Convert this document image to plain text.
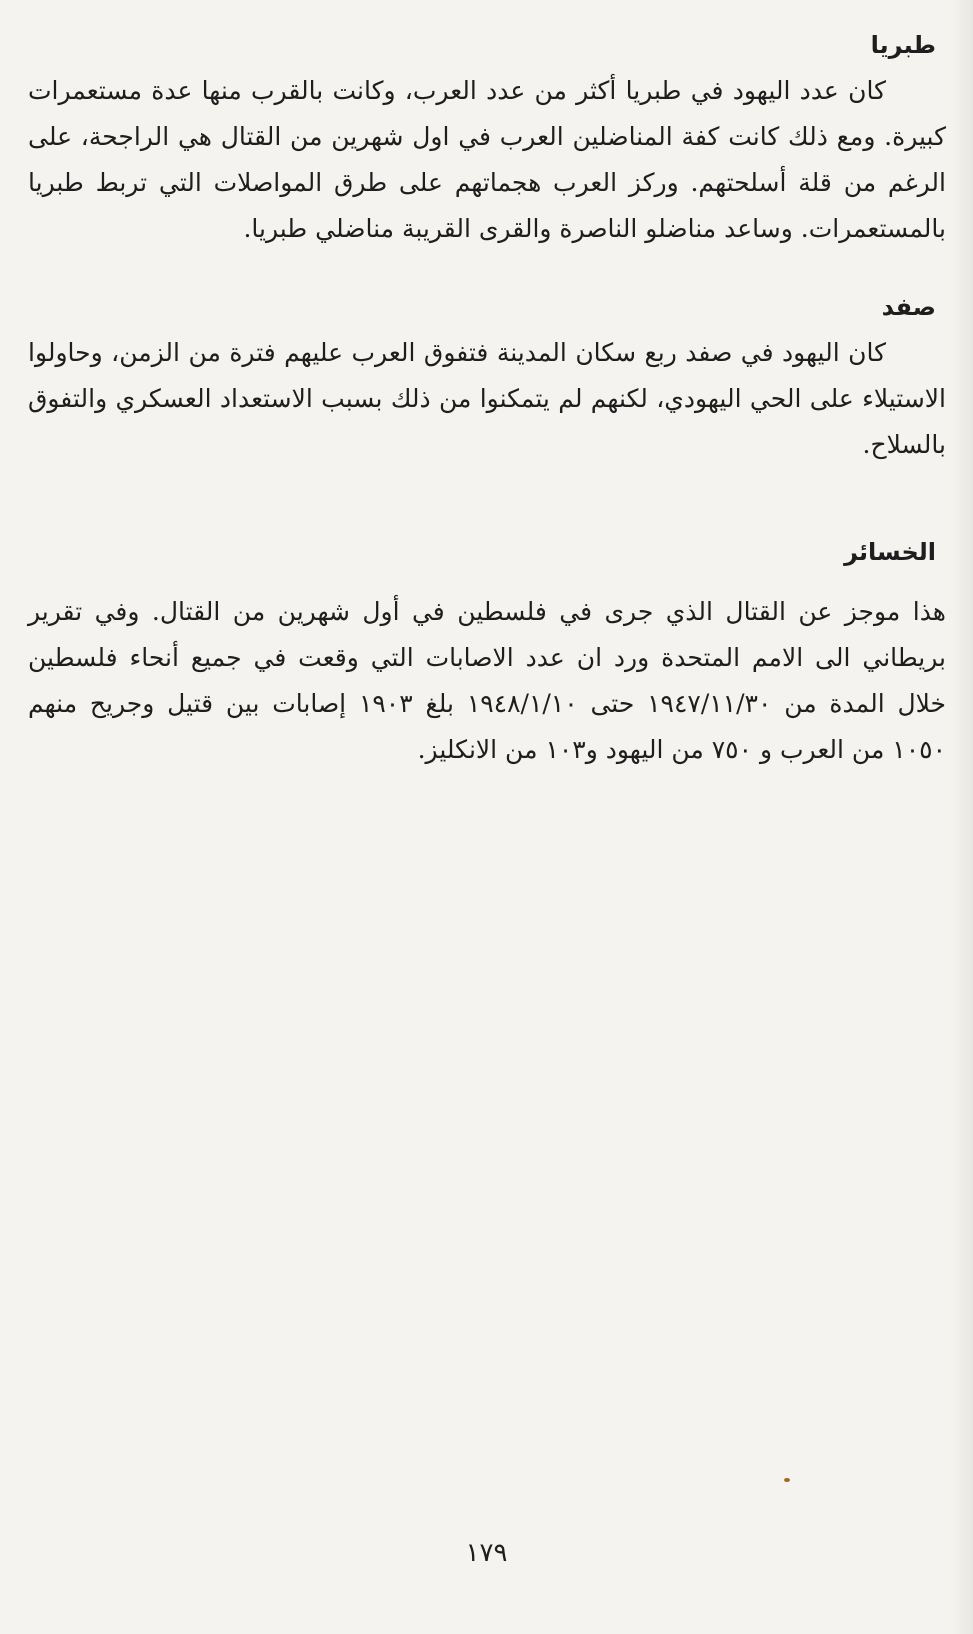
طبريا

كان عدد اليهود في طبريا أكثر من عدد العرب، وكانت بالقرب منها عدة مستعمرات كبيرة. ومع ذلك كانت كفة المناضلين العرب في اول شهرين من القتال هي الراجحة، على الرغم من قلة أسلحتهم. وركز العرب هجماتهم على طرق المواصلات التي تربط طبريا بالمستعمرات. وساعد مناضلو الناصرة والقرى القريبة مناضلي طبريا.

صفد

كان اليهود في صفد ربع سكان المدينة فتفوق العرب عليهم فترة من الزمن، وحاولوا الاستيلاء على الحي اليهودي، لكنهم لم يتمكنوا من ذلك بسبب الاستعداد العسكري والتفوق بالسلاح.

الخسائر

هذا موجز عن القتال الذي جرى في فلسطين في أول شهرين من القتال. وفي تقرير بريطاني الى الامم المتحدة ورد ان عدد الاصابات التي وقعت في جميع أنحاء فلسطين خلال المدة من ١٩٤٧/١١/٣٠ حتى ١٩٤٨/١/١٠ بلغ ١٩٠٣ إصابات بين قتيل وجريح منهم ١٠٥٠ من العرب و ٧٥٠ من اليهود و١٠٣ من الانكليز.

١٧٩
